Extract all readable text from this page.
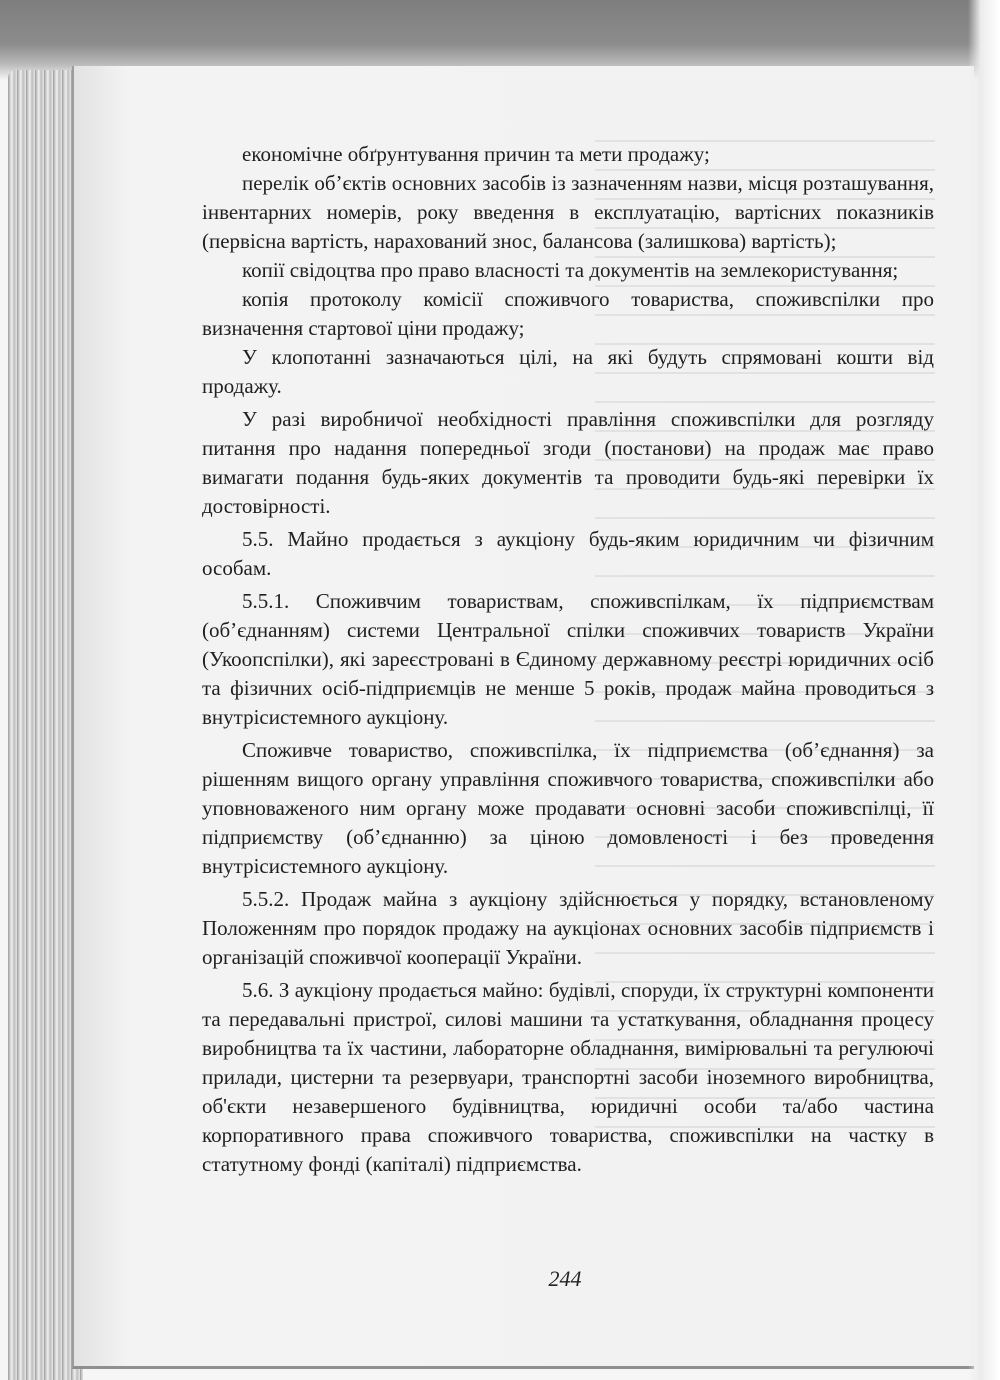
економічне обґрунтування причин та мети продажу;

перелік об’єктів основних засобів із зазначенням назви, місця розташування, інвентарних номерів, року введення в експлуатацію, вартісних показників (первісна вартість, нарахований знос, балансова (залишкова) вартість);

копії свідоцтва про право власності та документів на землекористування;

копія протоколу комісії споживчого товариства, споживспілки про визначення стартової ціни продажу;

У клопотанні зазначаються цілі, на які будуть спрямовані кошти від продажу.

У разі виробничої необхідності правління споживспілки для розгляду питання про надання попередньої згоди (постанови) на продаж має право вимагати подання будь-яких документів та проводити будь-які перевірки їх достовірності.

5.5. Майно продається з аукціону будь-яким юридичним чи фізичним особам.

5.5.1. Споживчим товариствам, споживспілкам, їх підприємствам (об’єднанням) системи Центральної спілки споживчих товариств України (Укоопспілки), які зареєстровані в Єдиному державному реєстрі юридичних осіб та фізичних осіб-підприємців не менше 5 років, продаж майна проводиться з внутрісистемного аукціону.

Споживче товариство, споживспілка, їх підприємства (об’єднання) за рішенням вищого органу управління споживчого товариства, споживспілки або уповноваженого ним органу може продавати основні засоби споживспілці, її підприємству (об’єднанню) за ціною домовленості і без проведення внутрісистемного аукціону.

5.5.2. Продаж майна з аукціону здійснюється у порядку, встановленому Положенням про порядок продажу на аукціонах основних засобів підприємств і організацій споживчої кооперації України.

5.6. З аукціону продається майно: будівлі, споруди, їх структурні компоненти та передавальні пристрої, силові машини та устаткування, обладнання процесу виробництва та їх частини, лабораторне обладнання, вимірювальні та регулюючі прилади, цистерни та резервуари, транспортні засоби іноземного виробництва, об'єкти незавершеного будівництва, юридичні особи та/або частина корпоративного права споживчого товариства, споживспілки на частку в статутному фонді (капіталі) підприємства.

244
